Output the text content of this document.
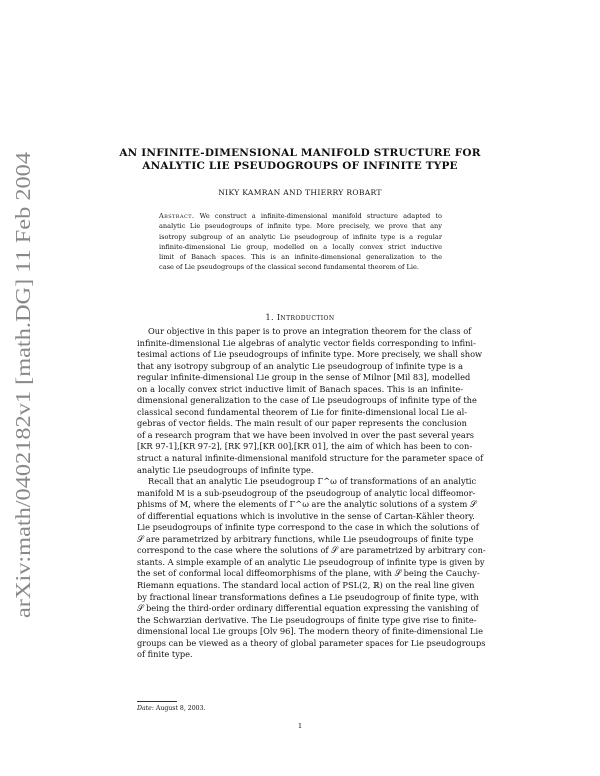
arXiv:math/0402182v1 [math.DG] 11 Feb 2004
AN INFINITE-DIMENSIONAL MANIFOLD STRUCTURE FOR
ANALYTIC LIE PSEUDOGROUPS OF INFINITE TYPE
NIKY KAMRAN AND THIERRY ROBART

Abstract. We construct a infinite-dimensional manifold structure adapted to

analytic Lie pseudogroups of infinite type. More precisely, we prove that any

isotropy subgroup of an analytic Lie pseudogroup of infinite type is a regular

infinite-dimensional Lie group, modelled on a locally convex strict inductive

limit of Banach spaces. This is an infinite-dimensional generalization to the

case of Lie pseudogroups of the classical second fundamental theorem of Lie.

1. Introduction

Our objective in this paper is to prove an integration theorem for the class of

infinite-dimensional Lie algebras of analytic vector fields corresponding to infini-

tesimal actions of Lie pseudogroups of infinite type. More precisely, we shall show

that any isotropy subgroup of an analytic Lie pseudogroup of infinite type is a

regular infinite-dimensional Lie group in the sense of Milnor [Mil 83], modelled

on a locally convex strict inductive limit of Banach spaces. This is an infinite-

dimensional generalization to the case of Lie pseudogroups of infinite type of the

classical second fundamental theorem of Lie for finite-dimensional local Lie al-

gebras of vector fields. The main result of our paper represents the conclusion

of a research program that we have been involved in over the past several years

[KR 97-1],[KR 97-2], [RK 97],[KR 00],[KR 01], the aim of which has been to con-

struct a natural infinite-dimensional manifold structure for the parameter space of

analytic Lie pseudogroups of infinite type.

Recall that an analytic Lie pseudogroup Γ^ω of transformations of an analytic

manifold M is a sub-pseudogroup of the pseudogroup of analytic local diffeomor-

phisms of M, where the elements of Γ^ω are the analytic solutions of a system 𝒮

of differential equations which is involutive in the sense of Cartan-Kähler theory.

Lie pseudogroups of infinite type correspond to the case in which the solutions of

𝒮 are parametrized by arbitrary functions, while Lie pseudogroups of finite type

correspond to the case where the solutions of 𝒮 are parametrized by arbitrary con-

stants. A simple example of an analytic Lie pseudogroup of infinite type is given by

the set of conformal local diffeomorphisms of the plane, with 𝒮 being the Cauchy-

Riemann equations. The standard local action of PSL(2, ℝ) on the real line given

by fractional linear transformations defines a Lie pseudogroup of finite type, with

𝒮 being the third-order ordinary differential equation expressing the vanishing of

the Schwarzian derivative. The Lie pseudogroups of finite type give rise to finite-

dimensional local Lie groups [Olv 96]. The modern theory of finite-dimensional Lie

groups can be viewed as a theory of global parameter spaces for Lie pseudogroups

of finite type.

Date: August 8, 2003.
1
